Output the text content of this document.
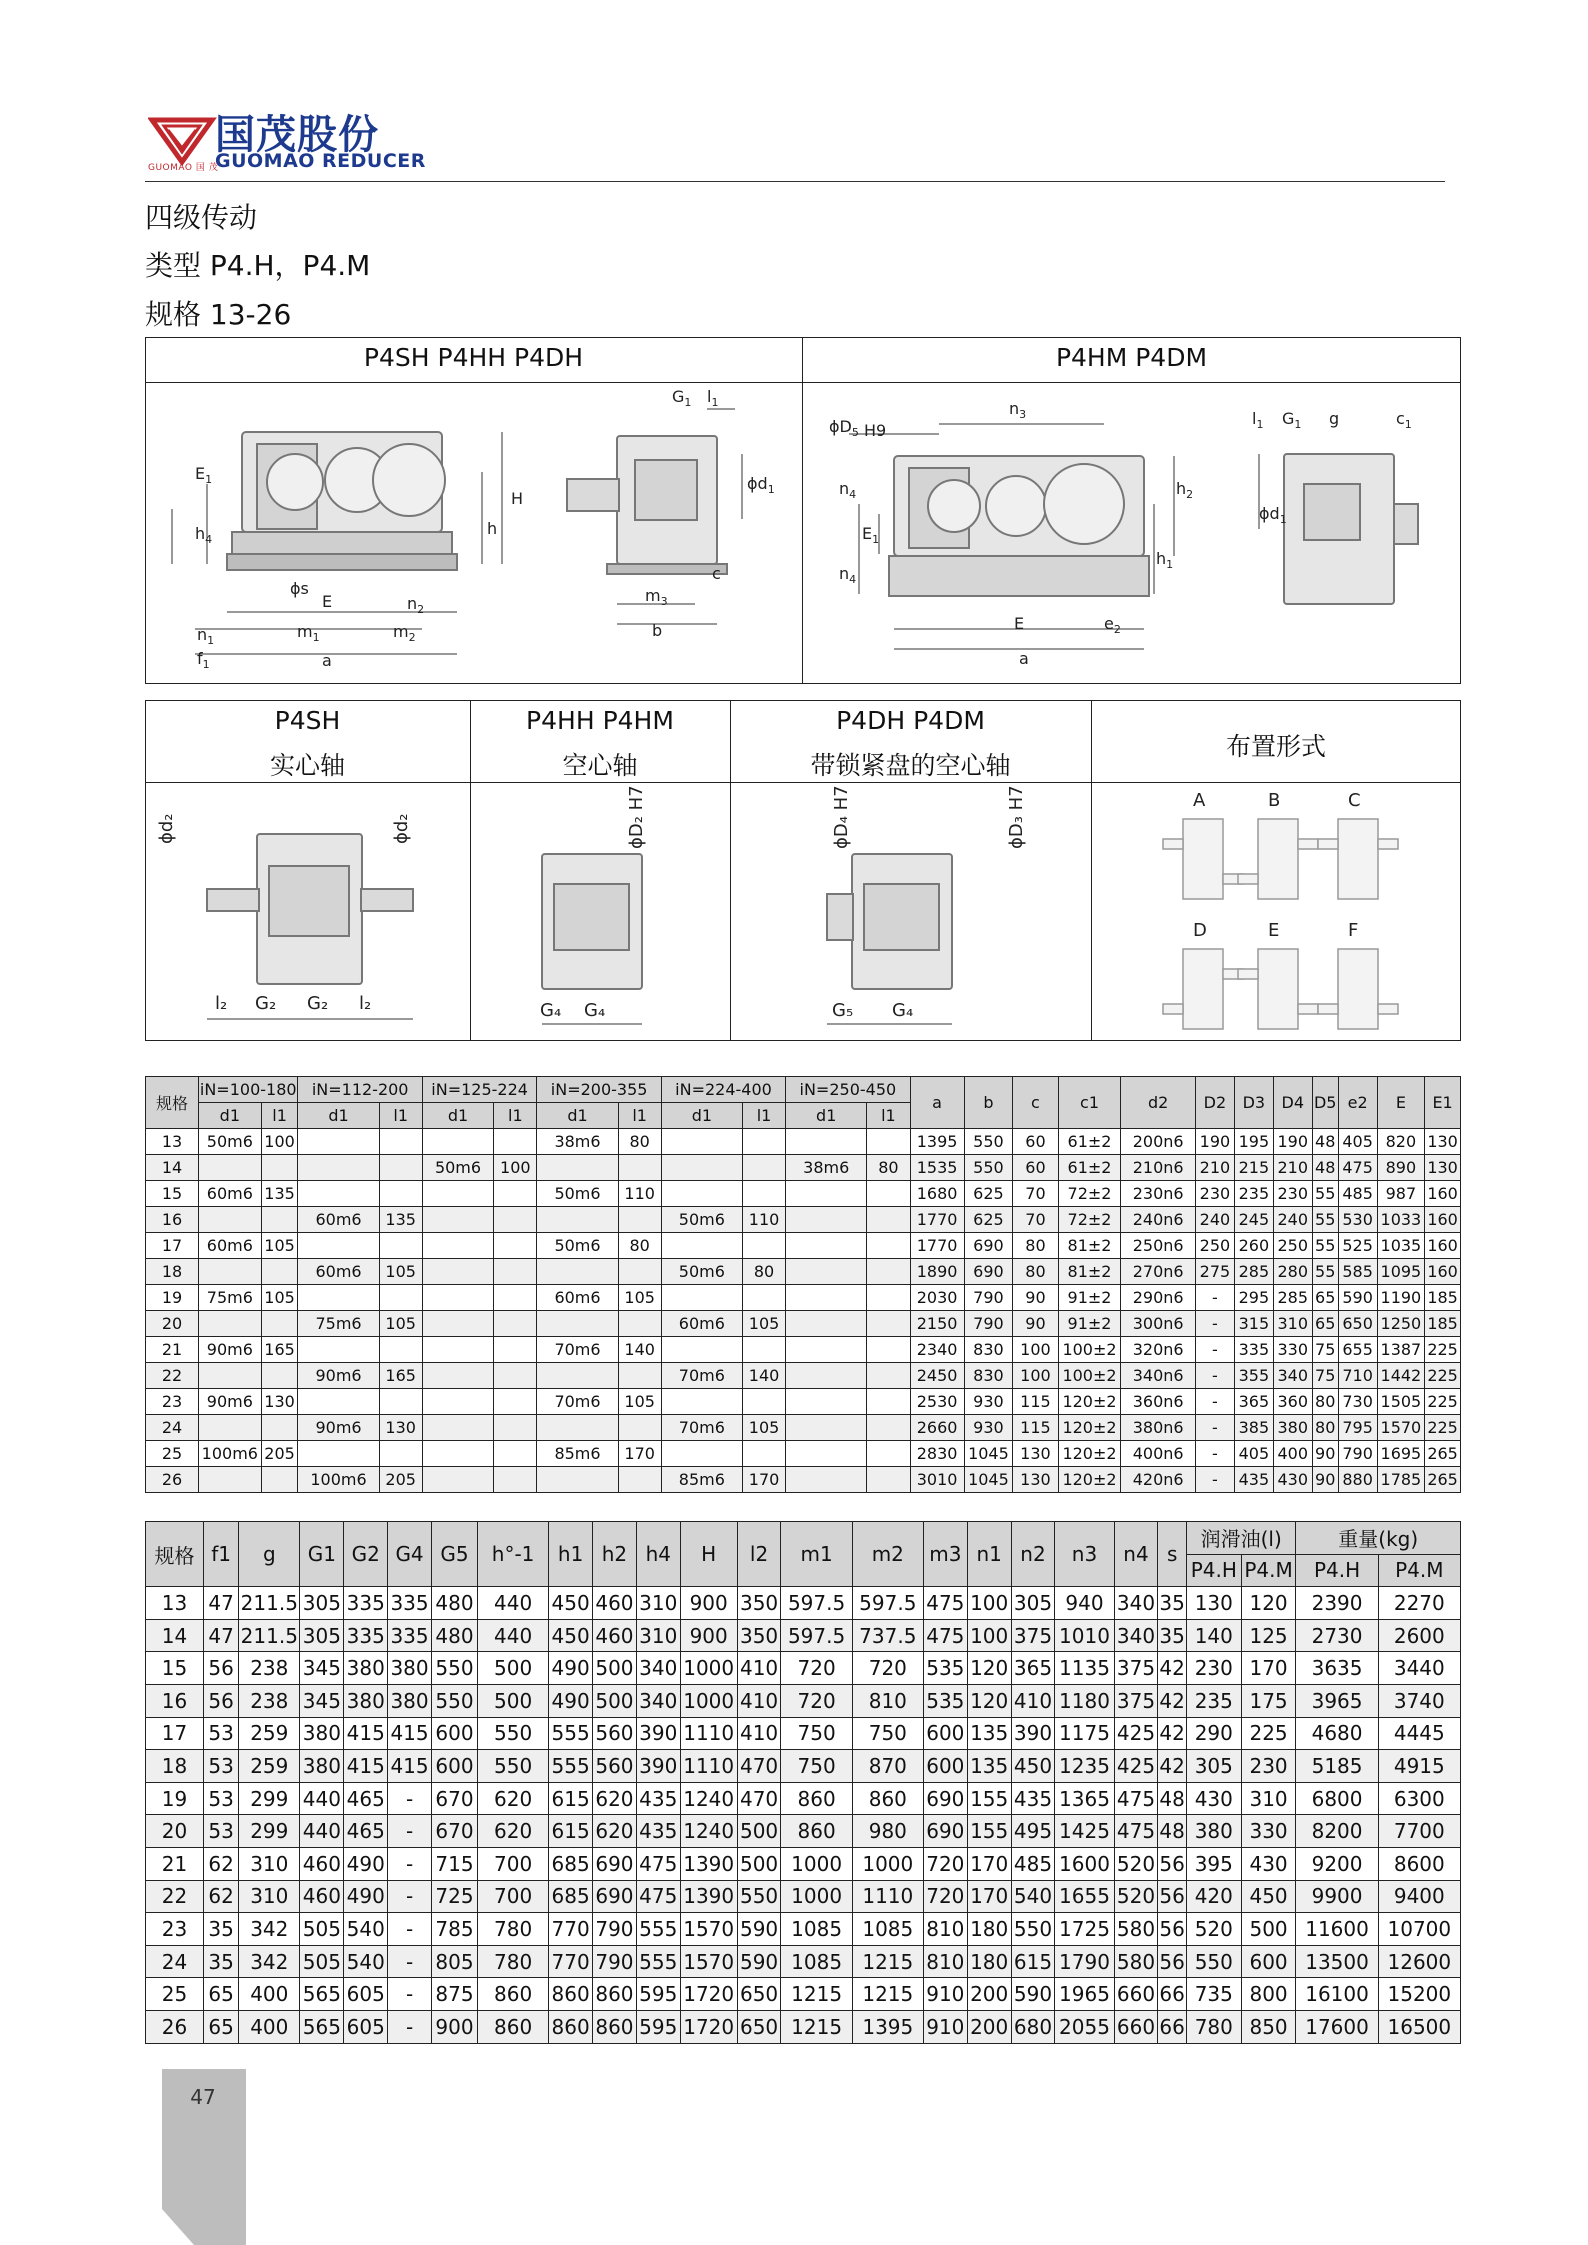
国茂股份
GUOMAO REDUCER
GUOMAO 国 茂
四级传动
类型 P4.H，P4.M
规格 13-26
P4SH P4HH P4DH	P4HM P4DM
E
$m_1$	$m_2$
a
ϕs
b
$m_3$
H
h
$n_2$
$E_1$
$h_4$
$n_1$
$f_1$
$G_1$ $l_1$
$\phi d_1$
c
$n_3$
$\phi D_5$ H9
E	$e_2$
a
$h_2$
$h_1$
$n_4$
$n_4$
$E_1$
$\phi d_1$
$l_1$ $G_1$ g	$c_1$
P4SH
实心轴
P4HH P4HM
空心轴
P4DH P4DM
带锁紧盘的空心轴
布置形式
ϕd₂	ϕd₂
l₂ G₂ G₂ l₂
ϕD₂ H7
G₄ G₄
ϕD₄ H7	ϕD₃ H7
G₅ G₄
A	B	C
D	E	F
规格	iN=100-180		iN=112-200		iN=125-224		iN=200-355		iN=224-400		iN=250-450		a	b	c	c1	d2	D2	D3	D4	D5	e2	E	E1
	d1	l1	d1	l1	d1	l1	d1	l1	d1	l1	d1	l1												
13	50m6	100					38m6	80					1395	550	60	61±2	200n6	190	195	190	48	405	820	130
14					50m6	100					38m6	80	1535	550	60	61±2	210n6	210	215	210	48	475	890	130
15	60m6	135					50m6	110					1680	625	70	72±2	230n6	230	235	230	55	485	987	160
16			60m6	135					50m6	110			1770	625	70	72±2	240n6	240	245	240	55	530	1033	160
17	60m6	105					50m6	80					1770	690	80	81±2	250n6	250	260	250	55	525	1035	160
18			60m6	105					50m6	80			1890	690	80	81±2	270n6	275	285	280	55	585	1095	160
19	75m6	105					60m6	105					2030	790	90	91±2	290n6	-	295	285	65	590	1190	185
20			75m6	105					60m6	105			2150	790	90	91±2	300n6	-	315	310	65	650	1250	185
21	90m6	165					70m6	140					2340	830	100	100±2	320n6	-	335	330	75	655	1387	225
22			90m6	165					70m6	140			2450	830	100	100±2	340n6	-	355	340	75	710	1442	225
23	90m6	130					70m6	105					2530	930	115	120±2	360n6	-	365	360	80	730	1505	225
24			90m6	130					70m6	105			2660	930	115	120±2	380n6	-	385	380	80	795	1570	225
25	100m6	205					85m6	170					2830	1045	130	120±2	400n6	-	405	400	90	790	1695	265
26			100m6	205					85m6	170			3010	1045	130	120±2	420n6	-	435	430	90	880	1785	265
规格	f1	g	G1	G2	G4	G5	h°-1	h1	h2	h4	H	l2	m1	m2	m3	n1	n2	n3	n4	s	润滑油(l)		重量(kg)	
																					P4.H	P4.M	P4.H	P4.M
13	47	211.5	305	335	335	480	440	450	460	310	900	350	597.5	597.5	475	100	305	940	340	35	130	120	2390	2270
14	47	211.5	305	335	335	480	440	450	460	310	900	350	597.5	737.5	475	100	375	1010	340	35	140	125	2730	2600
15	56	238	345	380	380	550	500	490	500	340	1000	410	720	720	535	120	365	1135	375	42	230	170	3635	3440
16	56	238	345	380	380	550	500	490	500	340	1000	410	720	810	535	120	410	1180	375	42	235	175	3965	3740
17	53	259	380	415	415	600	550	555	560	390	1110	410	750	750	600	135	390	1175	425	42	290	225	4680	4445
18	53	259	380	415	415	600	550	555	560	390	1110	470	750	870	600	135	450	1235	425	42	305	230	5185	4915
19	53	299	440	465	-	670	620	615	620	435	1240	470	860	860	690	155	435	1365	475	48	430	310	6800	6300
20	53	299	440	465	-	670	620	615	620	435	1240	500	860	980	690	155	495	1425	475	48	380	330	8200	7700
21	62	310	460	490	-	715	700	685	690	475	1390	500	1000	1000	720	170	485	1600	520	56	395	430	9200	8600
22	62	310	460	490	-	725	700	685	690	475	1390	550	1000	1110	720	170	540	1655	520	56	420	450	9900	9400
23	35	342	505	540	-	785	780	770	790	555	1570	590	1085	1085	810	180	550	1725	580	56	520	500	11600	10700
24	35	342	505	540	-	805	780	770	790	555	1570	590	1085	1215	810	180	615	1790	580	56	550	600	13500	12600
25	65	400	565	605	-	875	860	860	860	595	1720	650	1215	1215	910	200	590	1965	660	66	735	800	16100	15200
26	65	400	565	605	-	900	860	860	860	595	1720	650	1215	1395	910	200	680	2055	660	66	780	850	17600	16500
47
